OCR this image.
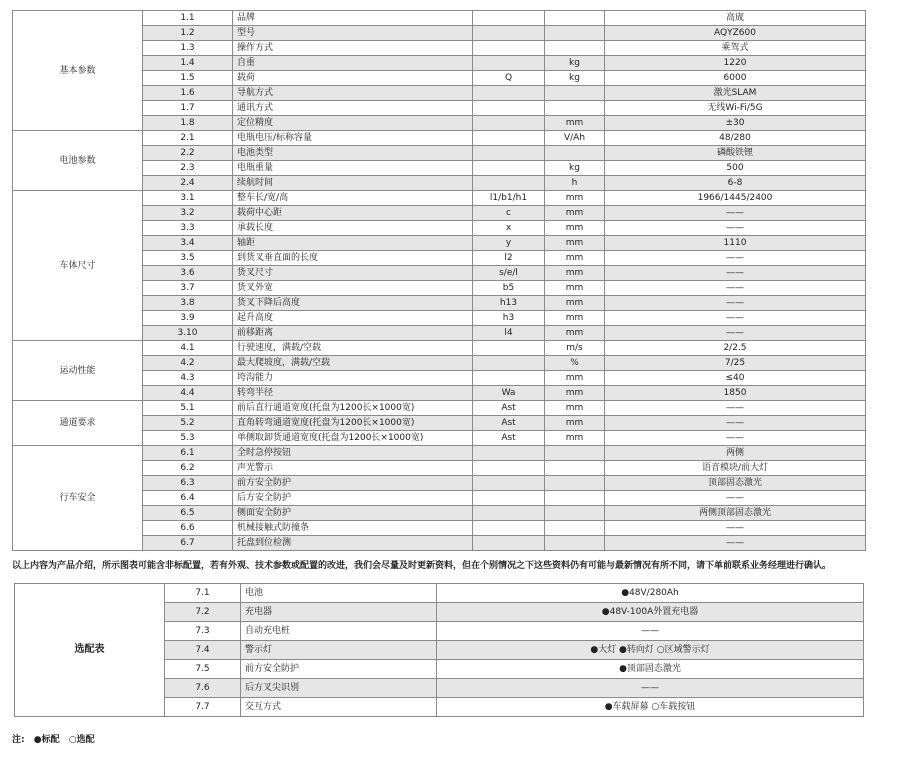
基本参数	1.1	品牌			高宬
	1.2	型号			AQYZ600
	1.3	操作方式			乘驾式
	1.4	自重		kg	1220
	1.5	载荷	Q	kg	6000
	1.6	导航方式			激光SLAM
	1.7	通讯方式			无线Wi-Fi/5G
	1.8	定位精度		mm	±30
电池参数	2.1	电瓶电压/标称容量		V/Ah	48/280
	2.2	电池类型			磷酸铁锂
	2.3	电瓶重量		kg	500
	2.4	续航时间		h	6-8
车体尺寸	3.1	整车长/宽/高	l1/b1/h1	mm	1966/1445/2400
	3.2	载荷中心距	c	mm	——
	3.3	承载长度	x	mm	——
	3.4	轴距	y	mm	1110
	3.5	到货叉垂直面的长度	l2	mm	——
	3.6	货叉尺寸	s/e/l	mm	——
	3.7	货叉外宽	b5	mm	——
	3.8	货叉下降后高度	h13	mm	——
	3.9	起升高度	h3	mm	——
	3.10	前移距离	l4	mm	——
运动性能	4.1	行驶速度，满载/空载		m/s	2/2.5
	4.2	最大爬坡度，满载/空载		%	7/25
	4.3	垮沟能力		mm	≤40
	4.4	转弯半径	Wa	mm	1850
通道要求	5.1	前后直行通道宽度(托盘为1200长×1000宽)	Ast	mm	——
	5.2	直角转弯通道宽度(托盘为1200长×1000宽)	Ast	mm	——
	5.3	单侧取卸货通道宽度(托盘为1200长×1000宽)	Ast	mm	——
行车安全	6.1	全时急停按钮			两侧
	6.2	声光警示			语音模块/前大灯
	6.3	前方安全防护			顶部固态激光
	6.4	后方安全防护			——
	6.5	侧面安全防护			两侧顶部固态激光
	6.6	机械接触式防撞条			——
	6.7	托盘到位检测			——
以上内容为产品介绍，所示图表可能含非标配置，若有外观、技术参数或配置的改进，我们会尽量及时更新资料，但在个别情况之下这些资料仍有可能与最新情况有所不同，请下单前联系业务经理进行确认。
选配表	7.1	电池	●48V/280Ah
	7.2	充电器	●48V-100A外置充电器
	7.3	自动充电桩	——
	7.4	警示灯	●大灯 ●转向灯 ○区域警示灯
	7.5	前方安全防护	●顶部固态激光
	7.6	后方叉尖识别	——
	7.7	交互方式	●车载屏幕 ○车载按钮
注: ●标配 ○选配
